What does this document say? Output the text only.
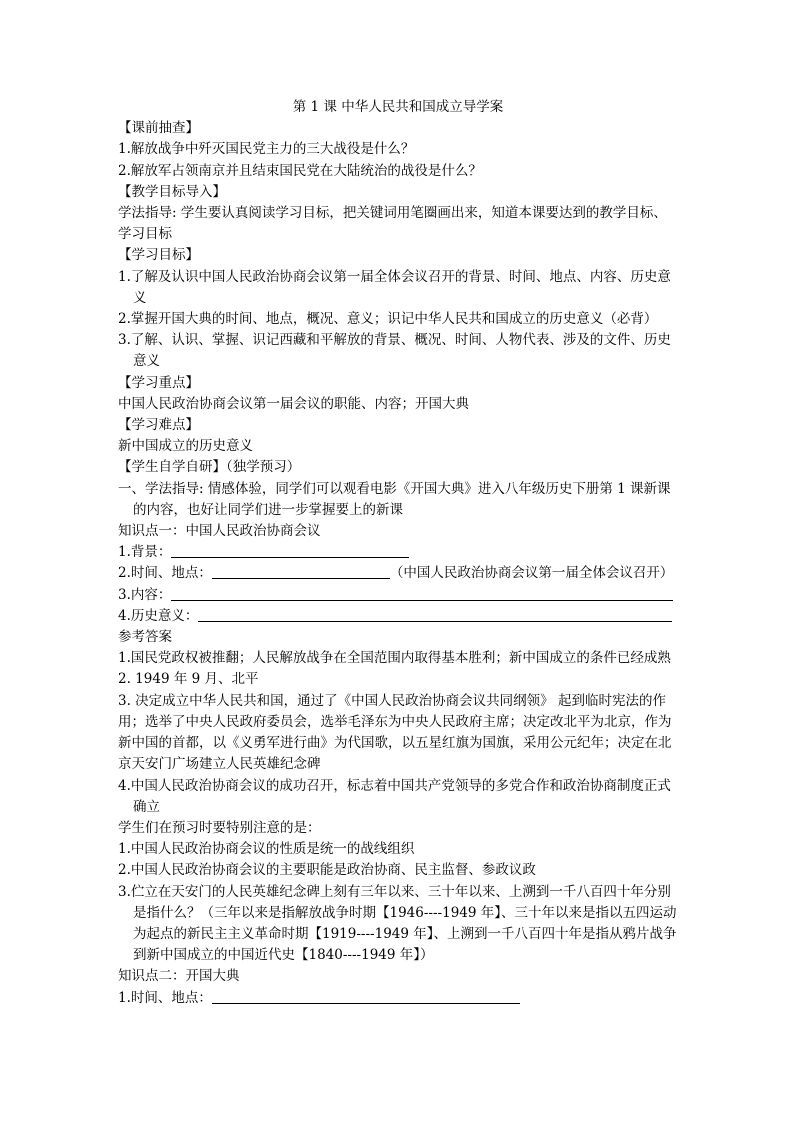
第 1 课 中华人民共和国成立导学案

【课前抽查】

1.解放战争中歼灭国民党主力的三大战役是什么？

2.解放军占领南京并且结束国民党在大陆统治的战役是什么？

【教学目标导入】

学法指导: 学生要认真阅读学习目标，把关键词用笔圈画出来，知道本课要达到的教学目标、学习目标

【学习目标】

1.了解及认识中国人民政治协商会议第一届全体会议召开的背景、时间、地点、内容、历史意义

2.掌握开国大典的时间、地点，概况、意义；识记中华人民共和国成立的历史意义（必背）

3.了解、认识、掌握、识记西藏和平解放的背景、概况、时间、人物代表、涉及的文件、历史意义

【学习重点】

中国人民政治协商会议第一届会议的职能、内容；开国大典

【学习难点】

新中国成立的历史意义

【学生自学自研】（独学预习）

一、学法指导: 情感体验，同学们可以观看电影《开国大典》进入八年级历史下册第 1 课新课的内容，也好让同学们进一步掌握要上的新课

知识点一：中国人民政治协商会议

1.背景：

2.时间、地点：	（中国人民政治协商会议第一届全体会议召开）

3.内容：

4.历史意义：

参考答案

1.国民党政权被推翻；人民解放战争在全国范围内取得基本胜利；新中国成立的条件已经成熟

2. 1949 年 9 月、北平

3. 决定成立中华人民共和国，通过了《中国人民政治协商会议共同纲领》 起到临时宪法的作用；选举了中央人民政府委员会，选举毛泽东为中央人民政府主席；决定改北平为北京，作为新中国的首都，以《义勇军进行曲》为代国歌，以五星红旗为国旗，采用公元纪年；决定在北京天安门广场建立人民英雄纪念碑

4.中国人民政治协商会议的成功召开，标志着中国共产党领导的多党合作和政治协商制度正式确立

学生们在预习时要特别注意的是：

1.中国人民政治协商会议的性质是统一的战线组织

2.中国人民政治协商会议的主要职能是政治协商、民主监督、参政议政

3.伫立在天安门的人民英雄纪念碑上刻有三年以来、三十年以来、上溯到一千八百四十年分别是指什么？（三年以来是指解放战争时期【1946----1949 年】、三十年以来是指以五四运动为起点的新民主主义革命时期【1919----1949 年】、上溯到一千八百四十年是指从鸦片战争到新中国成立的中国近代史【1840----1949 年】）

知识点二：开国大典

1.时间、地点：
